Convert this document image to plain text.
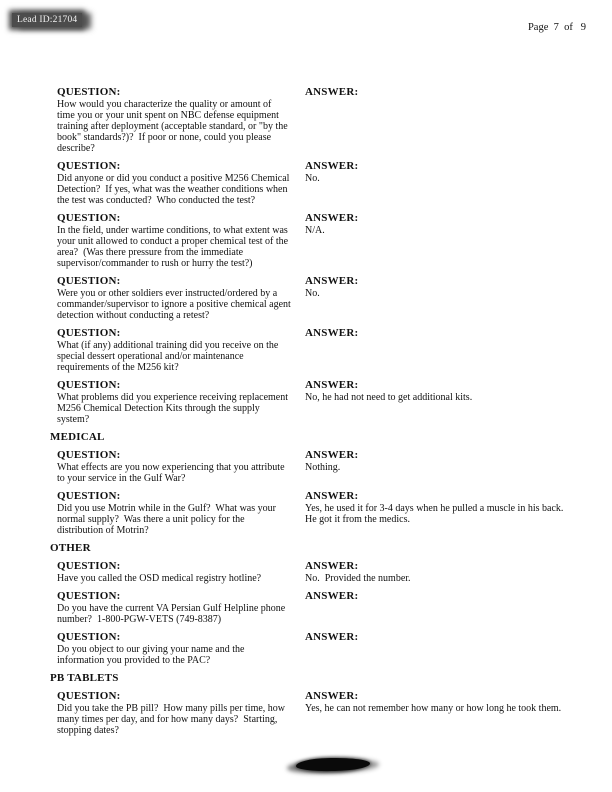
Lead ID:21704
Page  7  of   9
QUESTION:
How would you characterize the quality or amount of time you or your unit spent on NBC defense equipment training after deployment (acceptable standard, or "by the book" standards?)?  If poor or none, could you please describe?
ANSWER:
QUESTION:
Did anyone or did you conduct a positive M256 Chemical Detection?  If yes, what was the weather conditions when the test was conducted?  Who conducted the test?
ANSWER:
No.
QUESTION:
In the field, under wartime conditions, to what extent was your unit allowed to conduct a proper chemical test of the area?  (Was there pressure from the immediate supervisor/commander to rush or hurry the test?)
ANSWER:
N/A.
QUESTION:
Were you or other soldiers ever instructed/ordered by a commander/supervisor to ignore a positive chemical agent detection without conducting a retest?
ANSWER:
No.
QUESTION:
What (if any) additional training did you receive on the special dessert operational and/or maintenance requirements of the M256 kit?
ANSWER:
QUESTION:
What problems did you experience receiving replacement M256 Chemical Detection Kits through the supply system?
ANSWER:
No, he had not need to get additional kits.
MEDICAL
QUESTION:
What effects are you now experiencing that you attribute to your service in the Gulf War?
ANSWER:
Nothing.
QUESTION:
Did you use Motrin while in the Gulf?  What was your normal supply?  Was there a unit policy for the distribution of Motrin?
ANSWER:
Yes, he used it for 3-4 days when he pulled a muscle in his back.  He got it from the medics.
OTHER
QUESTION:
Have you called the OSD medical registry hotline?
ANSWER:
No.  Provided the number.
QUESTION:
Do you have the current VA Persian Gulf Helpline phone number?  1-800-PGW-VETS (749-8387)
ANSWER:
QUESTION:
Do you object to our giving your name and the information you provided to the PAC?
ANSWER:
PB TABLETS
QUESTION:
Did you take the PB pill?  How many pills per time, how many times per day, and for how many days?  Starting, stopping dates?
ANSWER:
Yes, he can not remember how many or how long he took them.
